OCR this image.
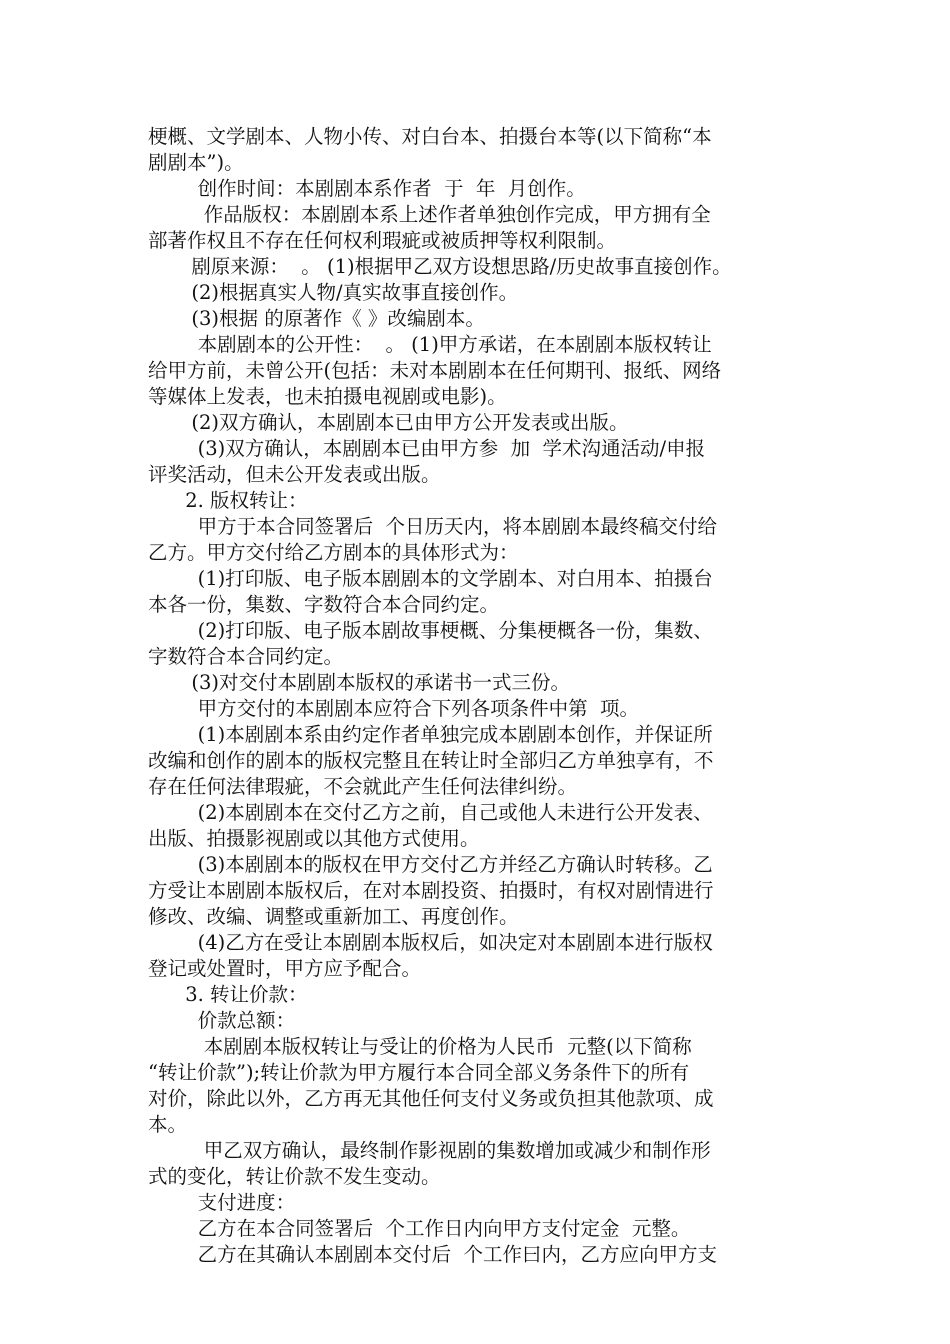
梗概、文学剧本、人物小传、对白台本、拍摄台本等(以下简称“本
剧剧本”)。
创作时间：本剧剧本系作者  于  年  月创作。
作品版权：本剧剧本系上述作者单独创作完成，甲方拥有全
部著作权且不存在任何权利瑕疵或被质押等权利限制。
剧原来源：  。 (1)根据甲乙双方设想思路/历史故事直接创作。
(2)根据真实人物/真实故事直接创作。
(3)根据 的原著作《 》改编剧本。
本剧剧本的公开性：  。 (1)甲方承诺，在本剧剧本版权转让
给甲方前，未曾公开(包括：未对本剧剧本在任何期刊、报纸、网络
等媒体上发表，也未拍摄电视剧或电影)。
(2)双方确认，本剧剧本已由甲方公开发表或出版。
(3)双方确认，本剧剧本已由甲方参  加  学术沟通活动/申报
评奖活动，但未公开发表或出版。
2. 版权转让：
甲方于本合同签署后  个日历天内，将本剧剧本最终稿交付给
乙方。甲方交付给乙方剧本的具体形式为：
(1)打印版、电子版本剧剧本的文学剧本、对白用本、拍摄台
本各一份，集数、字数符合本合同约定。
(2)打印版、电子版本剧故事梗概、分集梗概各一份，集数、
字数符合本合同约定。
(3)对交付本剧剧本版权的承诺书一式三份。
甲方交付的本剧剧本应符合下列各项条件中第  项。
(1)本剧剧本系由约定作者单独完成本剧剧本创作，并保证所
改编和创作的剧本的版权完整且在转让时全部归乙方单独享有，不
存在任何法律瑕疵，不会就此产生任何法律纠纷。
(2)本剧剧本在交付乙方之前，自己或他人未进行公开发表、
出版、拍摄影视剧或以其他方式使用。
(3)本剧剧本的版权在甲方交付乙方并经乙方确认时转移。乙
方受让本剧剧本版权后，在对本剧投资、拍摄时，有权对剧情进行
修改、改编、调整或重新加工、再度创作。
(4)乙方在受让本剧剧本版权后，如决定对本剧剧本进行版权
登记或处置时，甲方应予配合。
3. 转让价款：
价款总额：
本剧剧本版权转让与受让的价格为人民币  元整(以下简称
“转让价款”);转让价款为甲方履行本合同全部义务条件下的所有
对价，除此以外，乙方再无其他任何支付义务或负担其他款项、成
本。
甲乙双方确认，最终制作影视剧的集数增加或减少和制作形
式的变化，转让价款不发生变动。
支付进度：
乙方在本合同签署后  个工作日内向甲方支付定金  元整。
乙方在其确认本剧剧本交付后  个工作曰内，乙方应向甲方支
